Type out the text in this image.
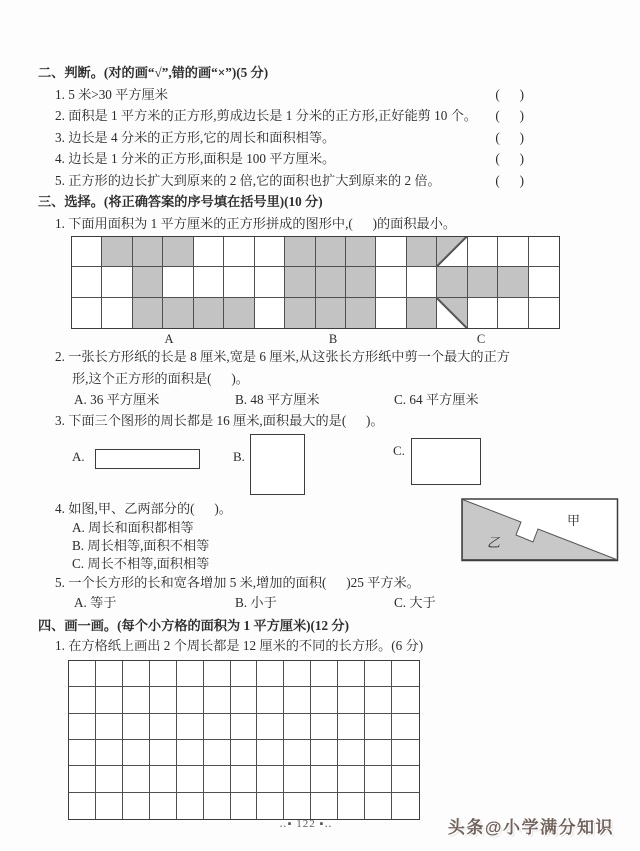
二、判断。(对的画“√”,错的画“×”)(5 分)
1. 5 米>30 平方厘米	(      )
2. 面积是 1 平方米的正方形,剪成边长是 1 分米的正方形,正好能剪 10 个。 (      )
3. 边长是 4 分米的正方形,它的周长和面积相等。	(      )
4. 边长是 1 分米的正方形,面积是 100 平方厘米。	(      )
5. 正方形的边长扩大到原来的 2 倍,它的面积也扩大到原来的 2 倍。	(      )
三、选择。(将正确答案的序号填在括号里)(10 分)
1. 下面用面积为 1 平方厘米的正方形拼成的图形中,(      )的面积最小。
A	B	C
2. 一张长方形纸的长是 8 厘米,宽是 6 厘米,从这张长方形纸中剪一个最大的正方
形,这个正方形的面积是(      )。
A. 36 平方厘米	B. 48 平方厘米	C. 64 平方厘米
3. 下面三个图形的周长都是 16 厘米,面积最大的是(      )。
A.	B.	C.
4. 如图,甲、乙两部分的(      )。
A. 周长和面积都相等
B. 周长相等,面积不相等
C. 周长不相等,面积相等
5. 一个长方形的长和宽各增加 5 米,增加的面积(      )25 平方米。
A. 等于	B. 小于	C. 大于
四、画一画。(每个小方格的面积为 1 平方厘米)(12 分)
1. 在方格纸上画出 2 个周长都是 12 厘米的不同的长方形。(6 分)
甲
乙
‥▪ 122 ▪‥	头条@小学满分知识
